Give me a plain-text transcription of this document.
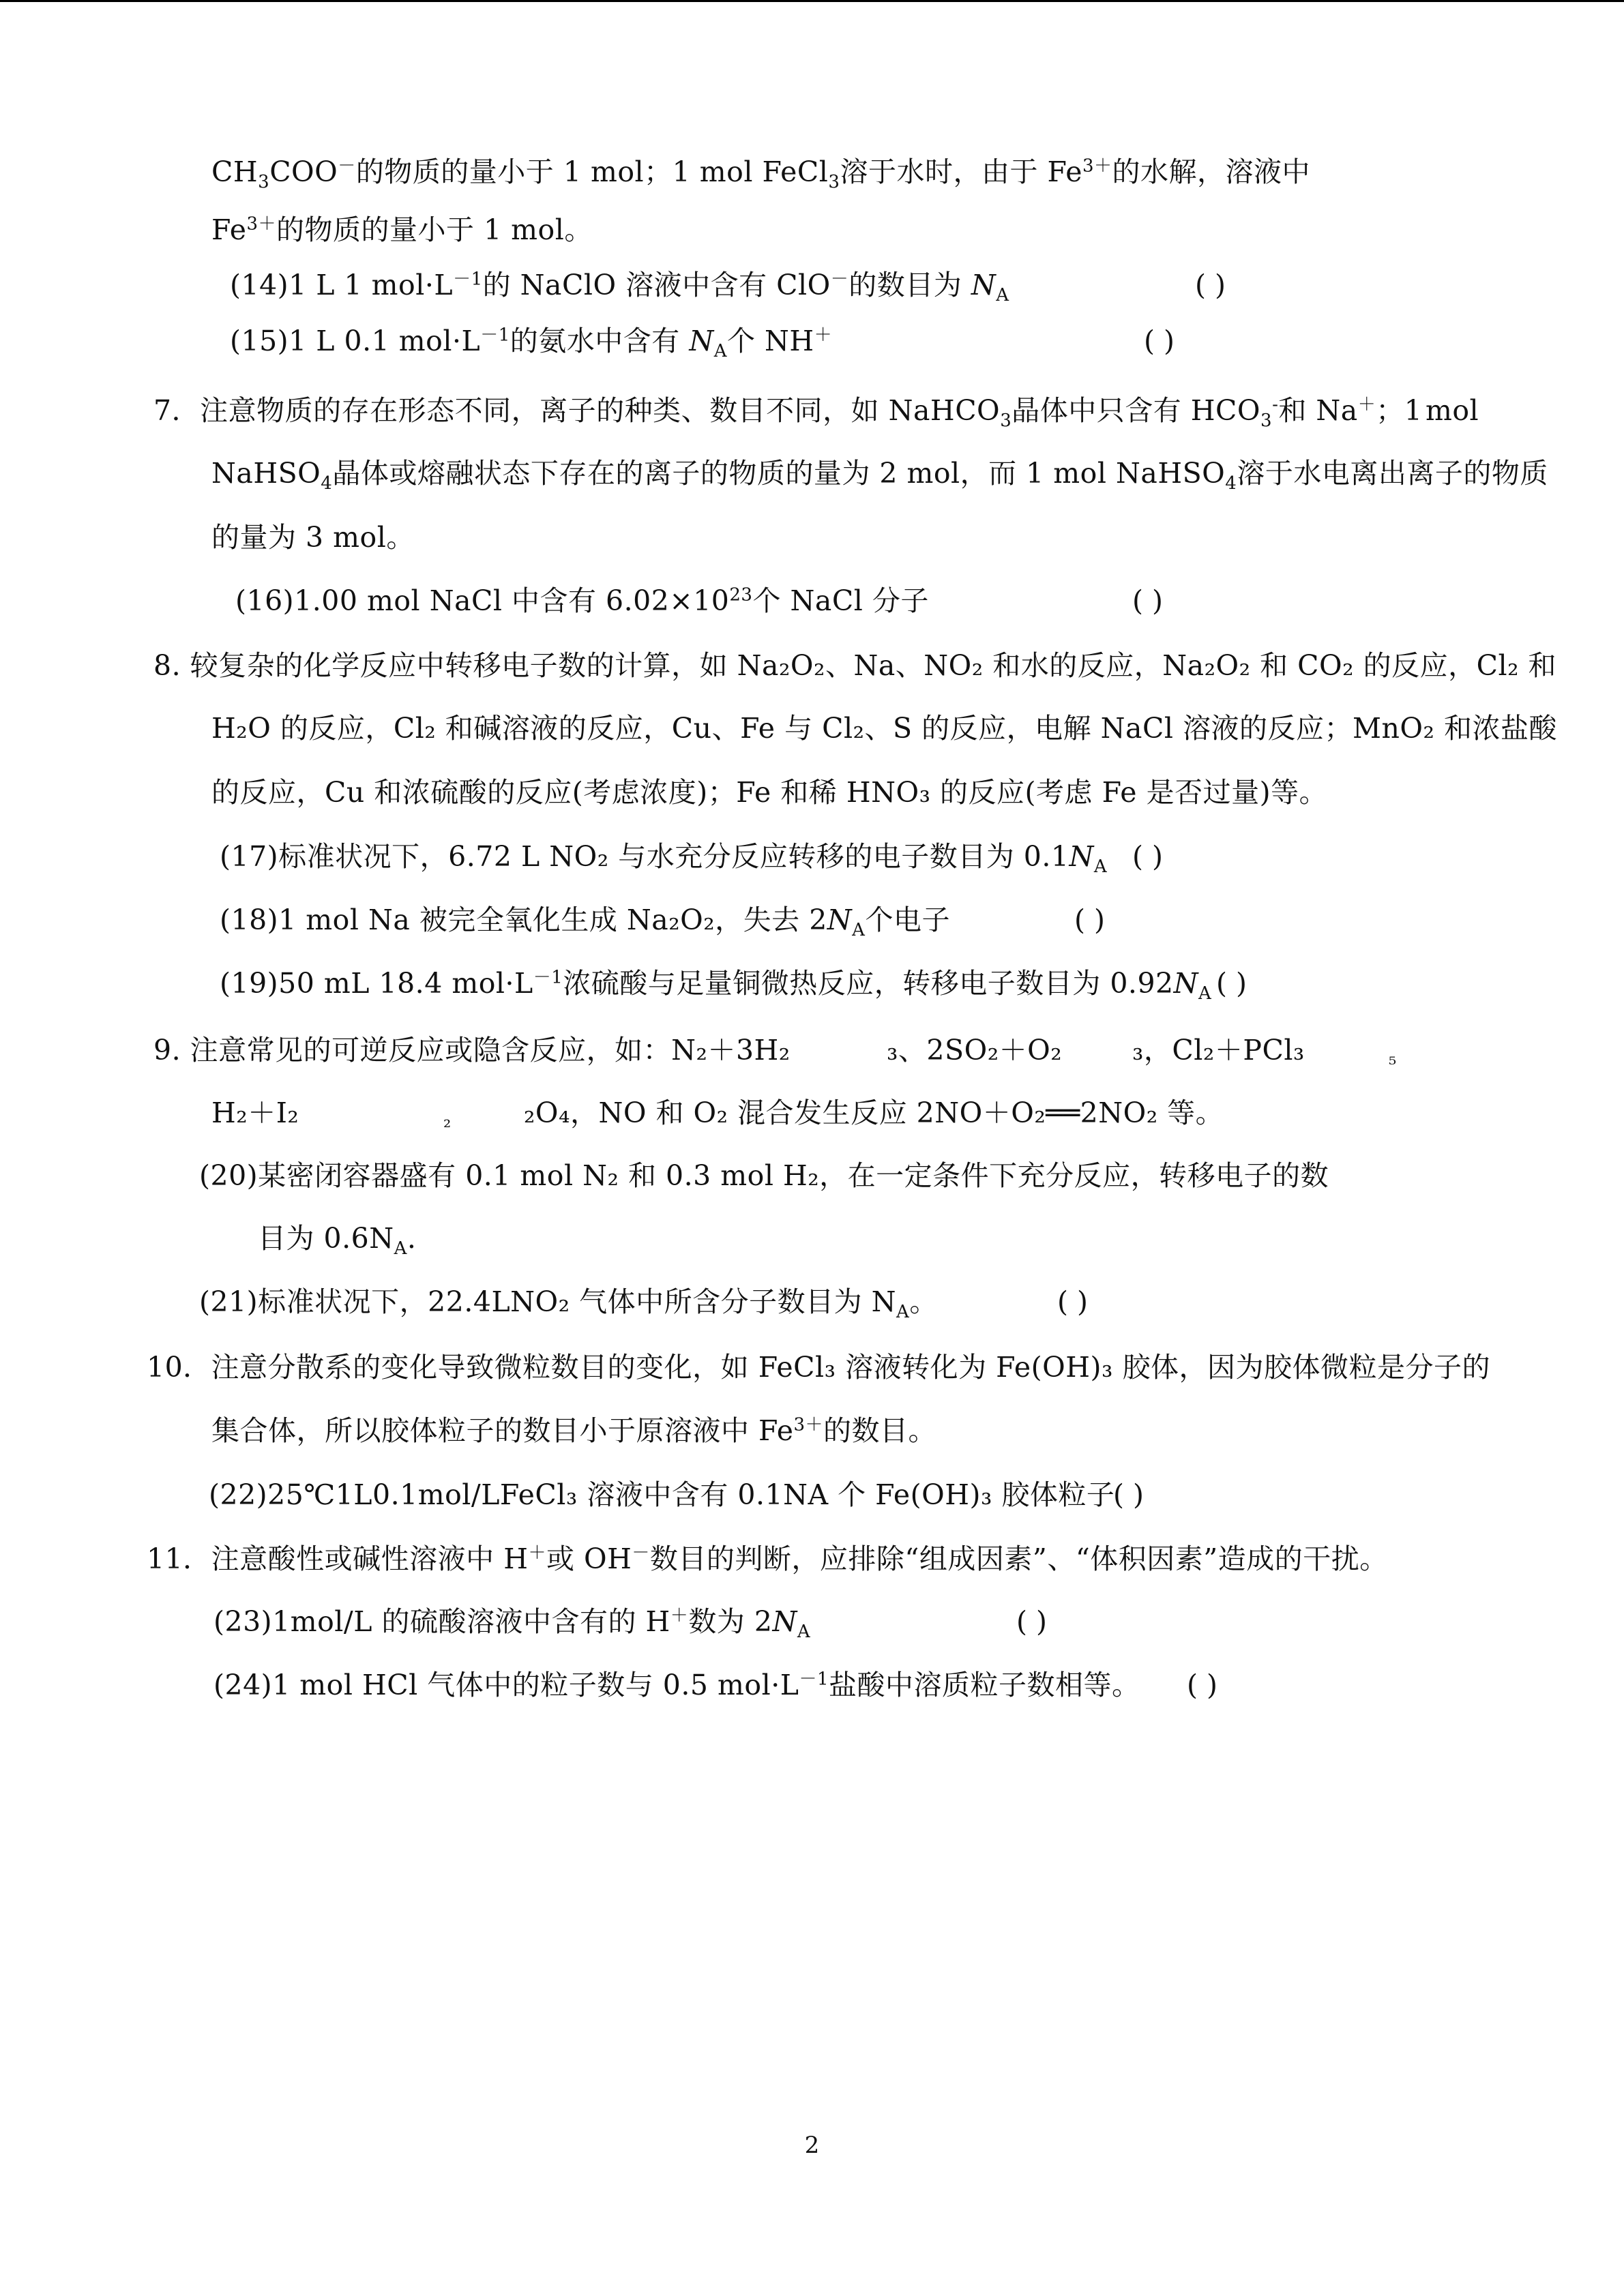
$CH_3COO^-$的物质的量小于 1 mol；1 mol FeCl$_3$溶于水时，由于 $Fe^{3+}$的水解，溶液中
$Fe^{3+}$的物质的量小于 1 mol。
(14)1 L 1 $mol\cdot L^{-1}$的 NaClO 溶液中含有 ClO－的数目为 $N_A$	( )
(15)1 L 0.1 $mol\cdot L^{-1}$的氨水中含有 $N_A$个 NH＋	( )
7．注意物质的存在形态不同，离子的种类、数目不同，如 NaHCO$_3$晶体中只含有 $HCO_3^-$和 Na＋；1 mol
NaHSO$_4$晶体或熔融状态下存在的离子的物质的量为 2 mol，而 1 mol NaHSO$_4$溶于水电离出离子的物质
的量为 3 mol。
(16)1.00 mol NaCl 中含有 $6.02\times 10^{23}$个 NaCl 分子	( )
8. 较复杂的化学反应中转移电子数的计算，如 Na₂O₂、Na、NO₂ 和水的反应，Na₂O₂ 和 CO₂ 的反应，Cl₂ 和
H₂O 的反应，Cl₂ 和碱溶液的反应，Cu、Fe 与 Cl₂、S 的反应，电解 NaCl 溶液的反应；MnO₂ 和浓盐酸
的反应，Cu 和浓硫酸的反应(考虑浓度)；Fe 和稀 HNO₃ 的反应(考虑 Fe 是否过量)等。
(17)标准状况下，6.72 L NO₂ 与水充分反应转移的电子数目为 $0.1N_A$ ( )
(18)1 mol Na 被完全氧化生成 Na₂O₂，失去 $2N_A$个电子	( )
(19)50 mL 18.4 $mol\cdot L^{-1}$浓硫酸与足量铜微热反应，转移电子数目为 $0.92N_A$ ( )
9. 注意常见的可逆反应或隐含反应，如：N₂＋3H₂	₃、2SO₂＋O₂	₃，Cl₂＋PCl₃	₅
H₂＋I₂	₂	₂O₄，NO 和 O₂ 混合发生反应 2NO＋O₂══2NO₂ 等。
(20)某密闭容器盛有 0.1 mol N₂ 和 0.3 mol H₂，在一定条件下充分反应，转移电子的数
目为 $0.6N_A$.
(21)标准状况下，22.4LNO₂ 气体中所含分子数目为 $N_A$。	( )
10．注意分散系的变化导致微粒数目的变化，如 FeCl₃ 溶液转化为 Fe(OH)₃ 胶体，因为胶体微粒是分子的
集合体，所以胶体粒子的数目小于原溶液中 $Fe^{3+}$的数目。
(22)25℃1L0.1mol/LFeCl₃ 溶液中含有 0.1NA 个 Fe(OH)₃ 胶体粒子
( )
11．注意酸性或碱性溶液中 H＋或 OH－数目的判断，应排除“组成因素”、“体积因素”造成的干扰。
(23)1mol/L 的硫酸溶液中含有的 H＋数为 $2N_A$	( )
(24)1 mol HCl 气体中的粒子数与 0.5 $mol\cdot L^{-1}$盐酸中溶质粒子数相等。 ( )
2
